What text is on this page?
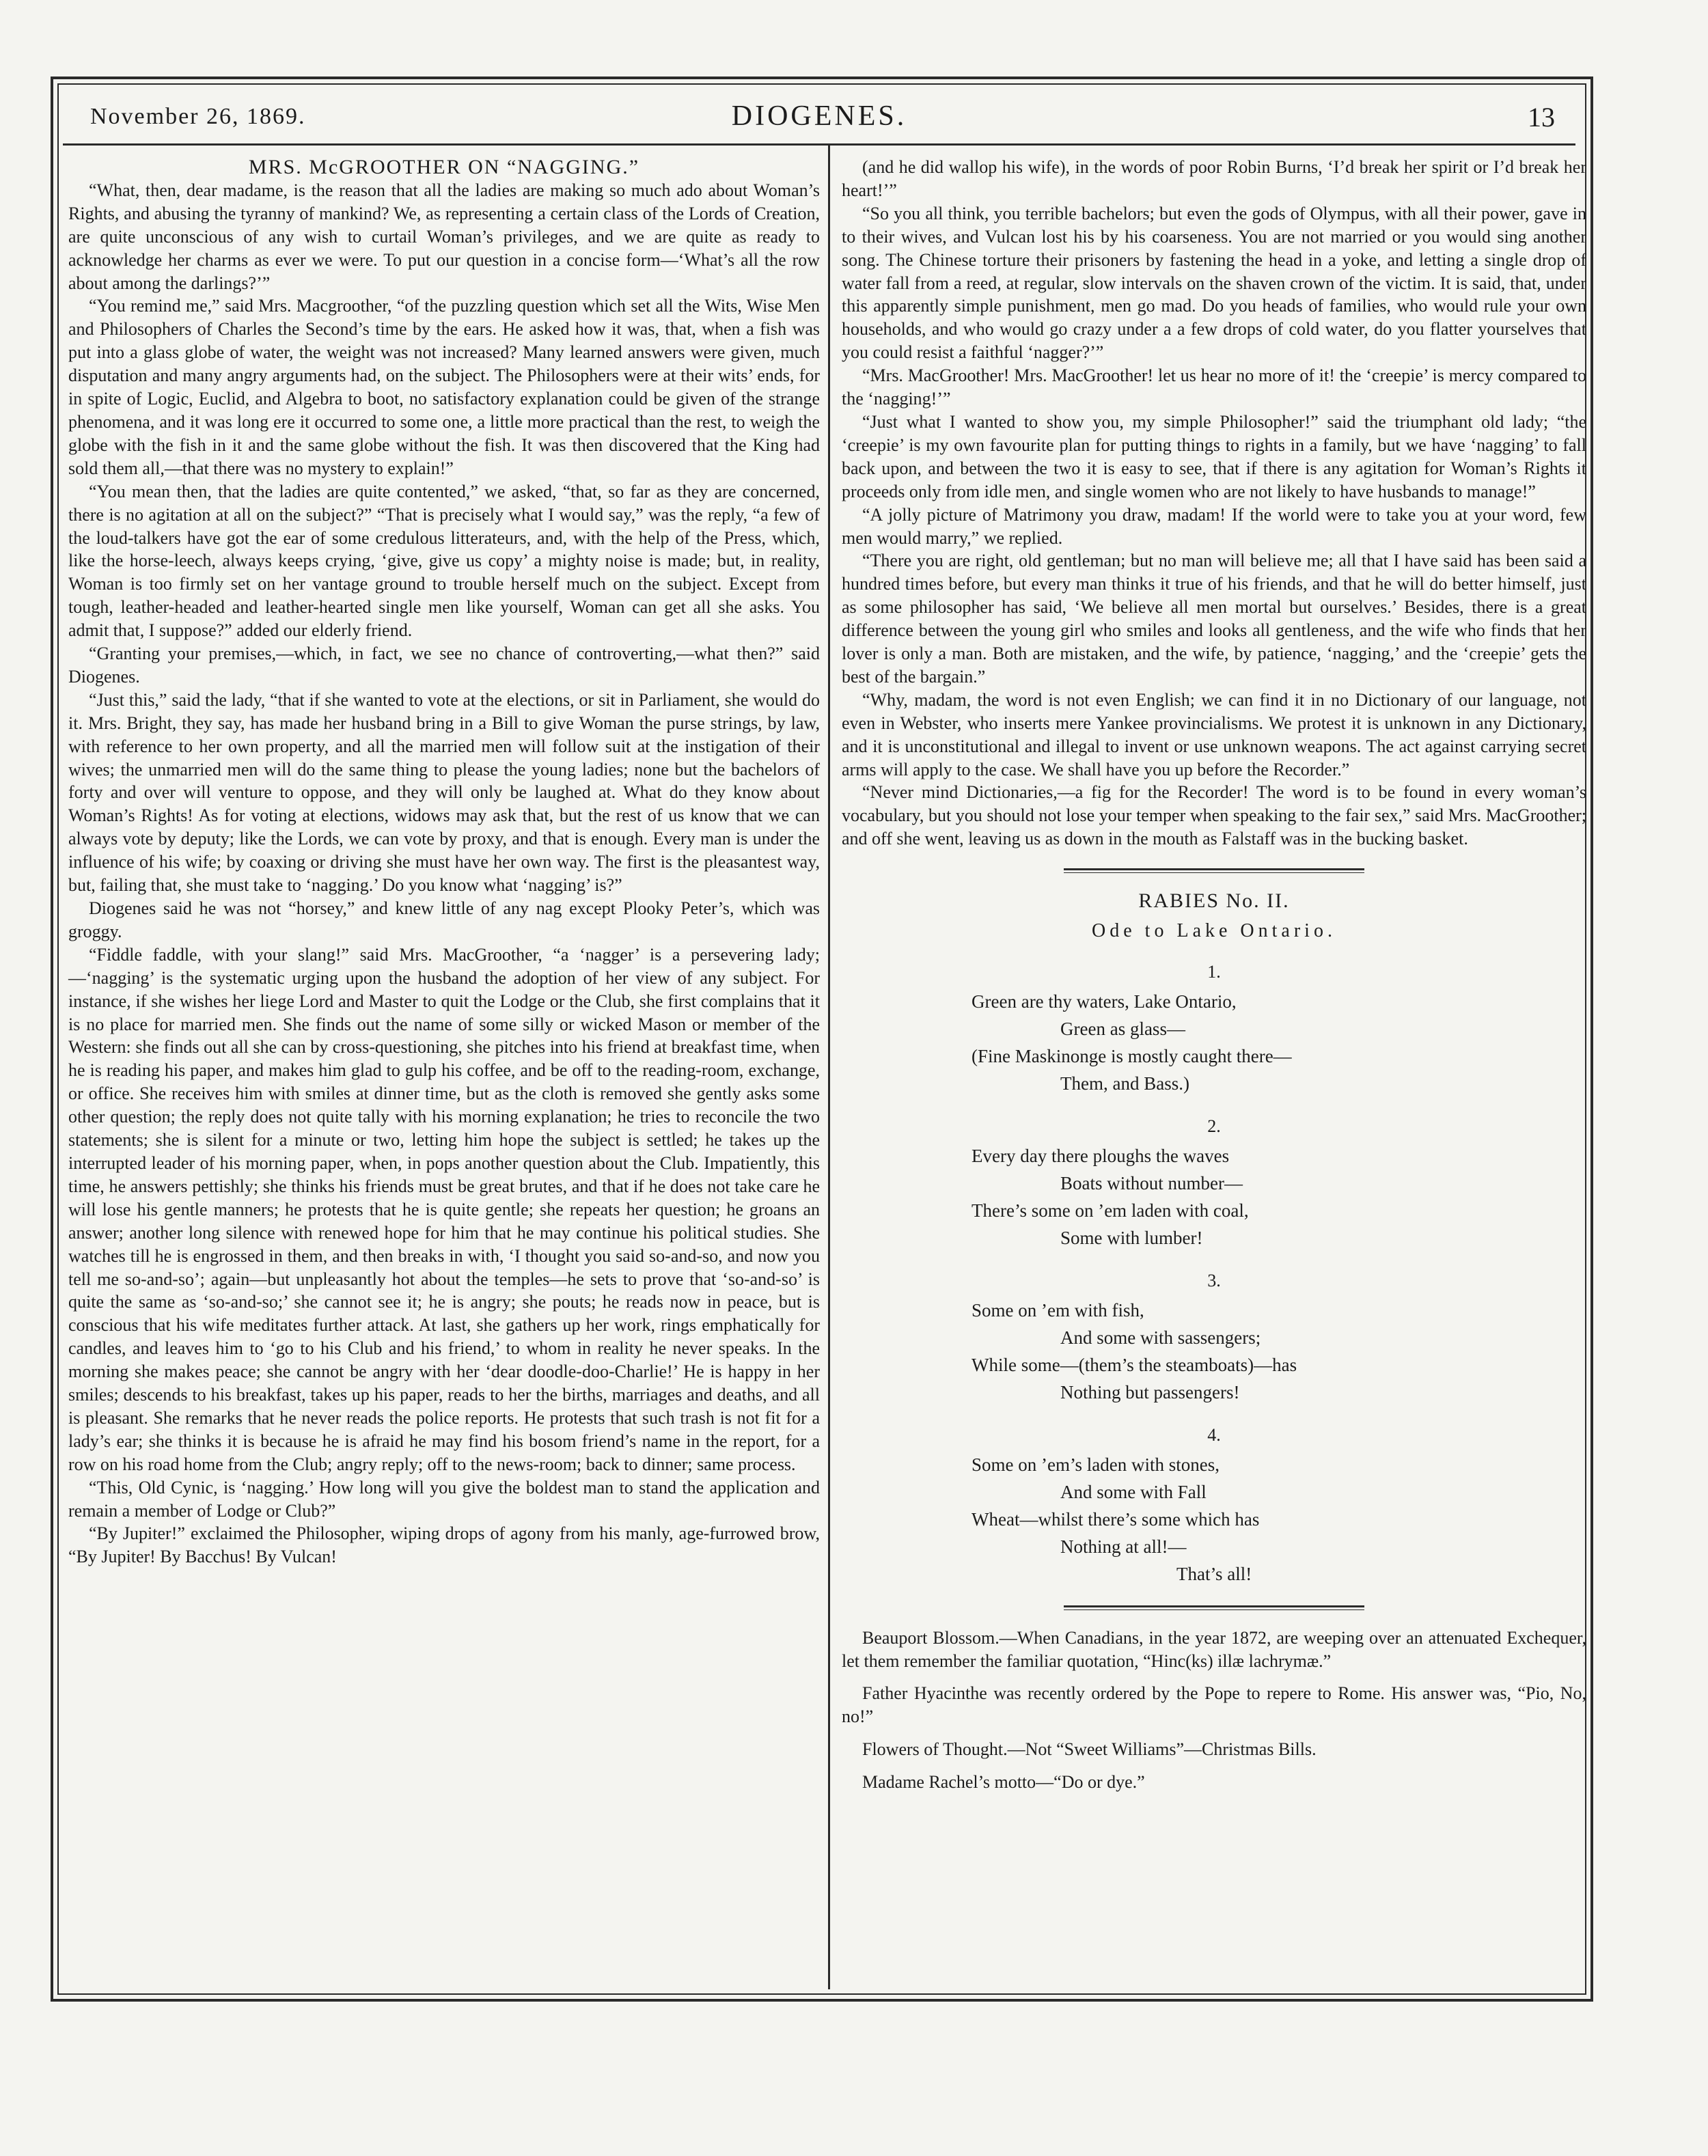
November 26, 1869.	DIOGENES.	13

MRS. McGROOTHER ON “NAGGING.”

“What, then, dear madame, is the reason that all the ladies are making so much ado about Woman’s Rights, and abusing the tyranny of mankind? We, as representing a certain class of the Lords of Creation, are quite unconscious of any wish to curtail Woman’s privileges, and we are quite as ready to acknowledge her charms as ever we were. To put our question in a concise form—‘What’s all the row about among the darlings?’”

“You remind me,” said Mrs. Macgroother, “of the puzzling question which set all the Wits, Wise Men and Philosophers of Charles the Second’s time by the ears. He asked how it was, that, when a fish was put into a glass globe of water, the weight was not increased? Many learned answers were given, much disputation and many angry arguments had, on the subject. The Philosophers were at their wits’ ends, for in spite of Logic, Euclid, and Algebra to boot, no satisfactory explanation could be given of the strange phenomena, and it was long ere it occurred to some one, a little more practical than the rest, to weigh the globe with the fish in it and the same globe without the fish. It was then discovered that the King had sold them all,—that there was no mystery to explain!”

“You mean then, that the ladies are quite contented,” we asked, “that, so far as they are concerned, there is no agitation at all on the subject?” “That is precisely what I would say,” was the reply, “a few of the loud-talkers have got the ear of some credulous litterateurs, and, with the help of the Press, which, like the horse-leech, always keeps crying, ‘give, give us copy’ a mighty noise is made; but, in reality, Woman is too firmly set on her vantage ground to trouble herself much on the subject. Except from tough, leather-headed and leather-hearted single men like yourself, Woman can get all she asks. You admit that, I suppose?” added our elderly friend.

“Granting your premises,—which, in fact, we see no chance of controverting,—what then?” said Diogenes.

“Just this,” said the lady, “that if she wanted to vote at the elections, or sit in Parliament, she would do it. Mrs. Bright, they say, has made her husband bring in a Bill to give Woman the purse strings, by law, with reference to her own property, and all the married men will follow suit at the instigation of their wives; the unmarried men will do the same thing to please the young ladies; none but the bachelors of forty and over will venture to oppose, and they will only be laughed at. What do they know about Woman’s Rights! As for voting at elections, widows may ask that, but the rest of us know that we can always vote by deputy; like the Lords, we can vote by proxy, and that is enough. Every man is under the influence of his wife; by coaxing or driving she must have her own way. The first is the pleasantest way, but, failing that, she must take to ‘nagging.’ Do you know what ‘nagging’ is?”

Diogenes said he was not “horsey,” and knew little of any nag except Plooky Peter’s, which was groggy.

“Fiddle faddle, with your slang!” said Mrs. MacGroother, “a ‘nagger’ is a persevering lady;—‘nagging’ is the systematic urging upon the husband the adoption of her view of any subject. For instance, if she wishes her liege Lord and Master to quit the Lodge or the Club, she first complains that it is no place for married men. She finds out the name of some silly or wicked Mason or member of the Western: she finds out all she can by cross-questioning, she pitches into his friend at breakfast time, when he is reading his paper, and makes him glad to gulp his coffee, and be off to the reading-room, exchange, or office. She receives him with smiles at dinner time, but as the cloth is removed she gently asks some other question; the reply does not quite tally with his morning explanation; he tries to reconcile the two statements; she is silent for a minute or two, letting him hope the subject is settled; he takes up the interrupted leader of his morning paper, when, in pops another question about the Club. Impatiently, this time, he answers pettishly; she thinks his friends must be great brutes, and that if he does not take care he will lose his gentle manners; he protests that he is quite gentle; she repeats her question; he groans an answer; another long silence with renewed hope for him that he may continue his political studies. She watches till he is engrossed in them, and then breaks in with, ‘I thought you said so-and-so, and now you tell me so-and-so’; again—but unpleasantly hot about the temples—he sets to prove that ‘so-and-so’ is quite the same as ‘so-and-so;’ she cannot see it; he is angry; she pouts; he reads now in peace, but is conscious that his wife meditates further attack. At last, she gathers up her work, rings emphatically for candles, and leaves him to ‘go to his Club and his friend,’ to whom in reality he never speaks. In the morning she makes peace; she cannot be angry with her ‘dear doodle-doo-Charlie!’ He is happy in her smiles; descends to his breakfast, takes up his paper, reads to her the births, marriages and deaths, and all is pleasant. She remarks that he never reads the police reports. He protests that such trash is not fit for a lady’s ear; she thinks it is because he is afraid he may find his bosom friend’s name in the report, for a row on his road home from the Club; angry reply; off to the news-room; back to dinner; same process.

“This, Old Cynic, is ‘nagging.’ How long will you give the boldest man to stand the application and remain a member of Lodge or Club?”

“By Jupiter!” exclaimed the Philosopher, wiping drops of agony from his manly, age-furrowed brow, “By Jupiter! By Bacchus! By Vulcan!

(and he did wallop his wife), in the words of poor Robin Burns, ‘I’d break her spirit or I’d break her heart!’”

“So you all think, you terrible bachelors; but even the gods of Olympus, with all their power, gave in to their wives, and Vulcan lost his by his coarseness. You are not married or you would sing another song. The Chinese torture their prisoners by fastening the head in a yoke, and letting a single drop of water fall from a reed, at regular, slow intervals on the shaven crown of the victim. It is said, that, under this apparently simple punishment, men go mad. Do you heads of families, who would rule your own households, and who would go crazy under a a few drops of cold water, do you flatter yourselves that you could resist a faithful ‘nagger?’”

“Mrs. MacGroother! Mrs. MacGroother! let us hear no more of it! the ‘creepie’ is mercy compared to the ‘nagging!’”

“Just what I wanted to show you, my simple Philosopher!” said the triumphant old lady; “the ‘creepie’ is my own favourite plan for putting things to rights in a family, but we have ‘nagging’ to fall back upon, and between the two it is easy to see, that if there is any agitation for Woman’s Rights it proceeds only from idle men, and single women who are not likely to have husbands to manage!”

“A jolly picture of Matrimony you draw, madam! If the world were to take you at your word, few men would marry,” we replied.

“There you are right, old gentleman; but no man will believe me; all that I have said has been said a hundred times before, but every man thinks it true of his friends, and that he will do better himself, just as some philosopher has said, ‘We believe all men mortal but ourselves.’ Besides, there is a great difference between the young girl who smiles and looks all gentleness, and the wife who finds that her lover is only a man. Both are mistaken, and the wife, by patience, ‘nagging,’ and the ‘creepie’ gets the best of the bargain.”

“Why, madam, the word is not even English; we can find it in no Dictionary of our language, not even in Webster, who inserts mere Yankee provincialisms. We protest it is unknown in any Dictionary, and it is unconstitutional and illegal to invent or use unknown weapons. The act against carrying secret arms will apply to the case. We shall have you up before the Recorder.”

“Never mind Dictionaries,—a fig for the Recorder! The word is to be found in every woman’s vocabulary, but you should not lose your temper when speaking to the fair sex,” said Mrs. MacGroother; and off she went, leaving us as down in the mouth as Falstaff was in the bucking basket.

RABIES No. II.
Ode to Lake Ontario.
1.
Green are thy waters, Lake Ontario,
Green as glass—
(Fine Maskinonge is mostly caught there—
Them, and Bass.)
2.
Every day there ploughs the waves
Boats without number—
There’s some on ’em laden with coal,
Some with lumber!
3.
Some on ’em with fish,
And some with sassengers;
While some—(them’s the steamboats)—has
Nothing but passengers!
4.
Some on ’em’s laden with stones,
And some with Fall
Wheat—whilst there’s some which has
Nothing at all!—
That’s all!

Beauport Blossom.—When Canadians, in the year 1872, are weeping over an attenuated Exchequer, let them remember the familiar quotation, “Hinc(ks) illæ lachrymæ.”

Father Hyacinthe was recently ordered by the Pope to repere to Rome. His answer was, “Pio, No, no!”

Flowers of Thought.—Not “Sweet Williams”—Christmas Bills.

Madame Rachel’s motto—“Do or dye.”
